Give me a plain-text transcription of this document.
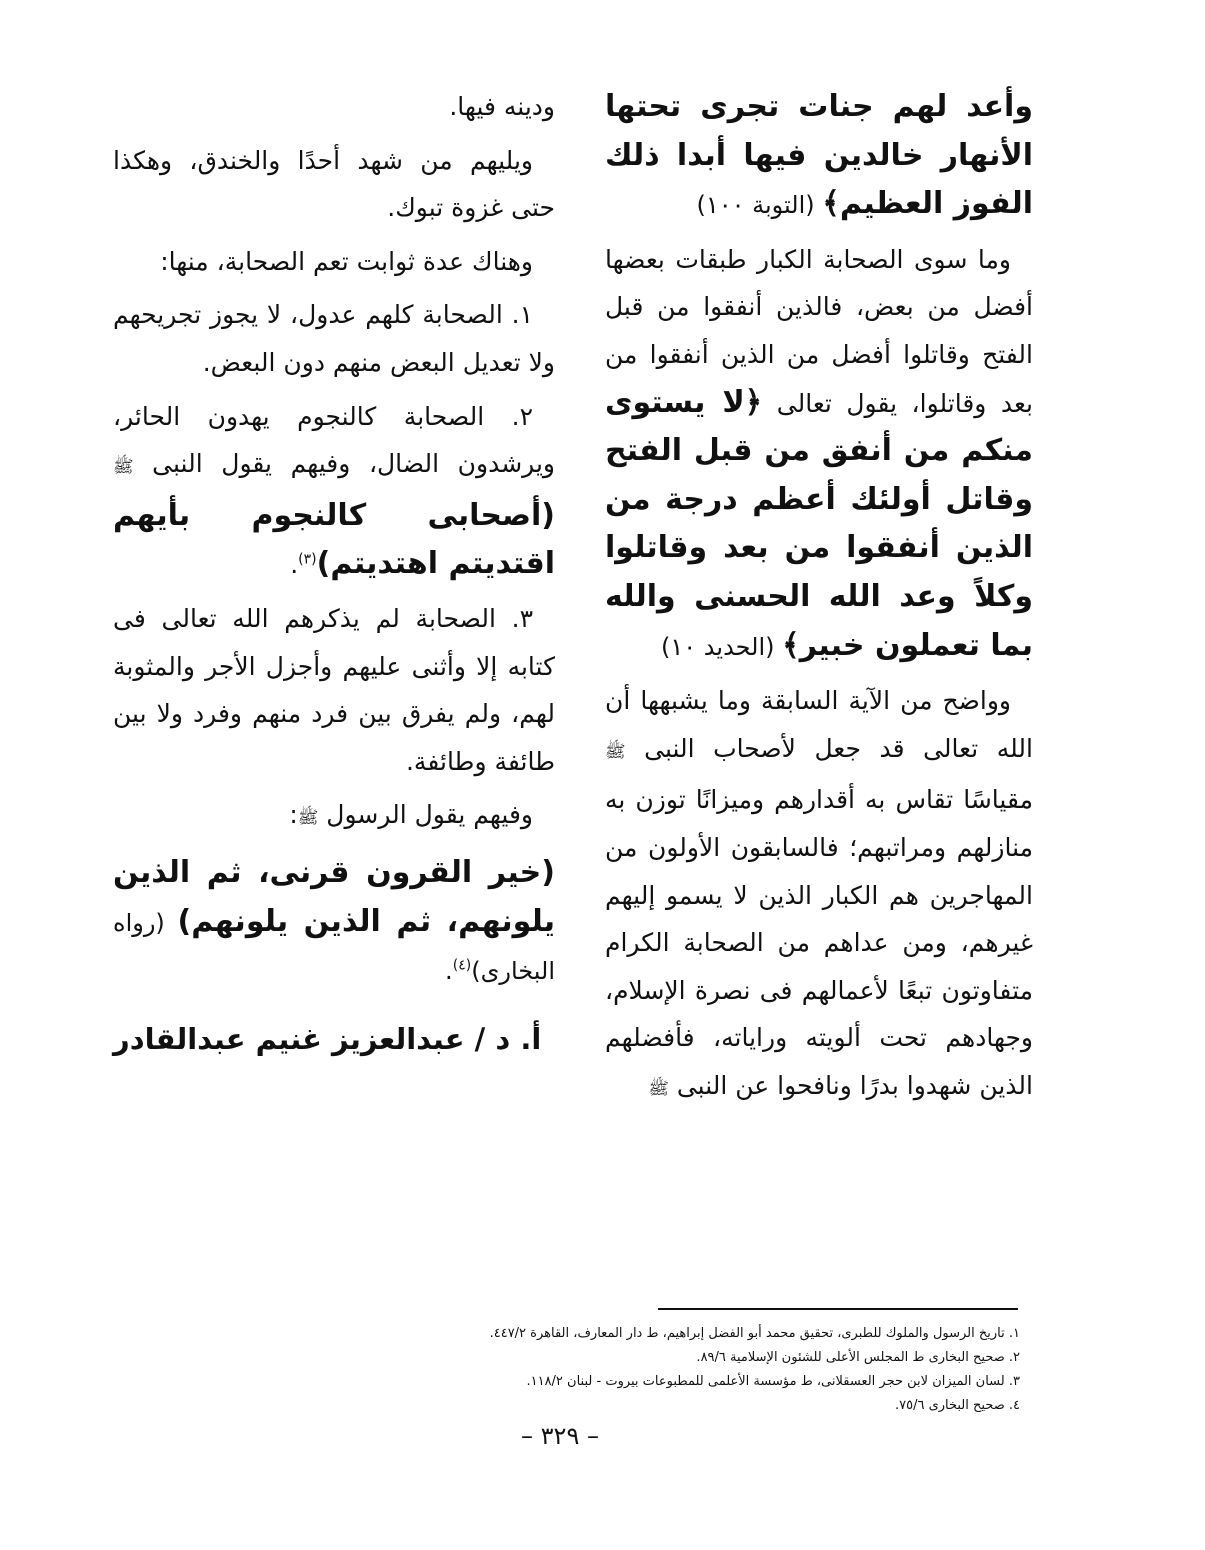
وأعد لهم جنات تجرى تحتها الأنهار خالدين فيها أبدا ذلك الفوز العظيم﴾ (التوبة ١٠٠)

وما سوى الصحابة الكبار طبقات بعضها أفضل من بعض، فالذين أنفقوا من قبل الفتح وقاتلوا أفضل من الذين أنفقوا من بعد وقاتلوا، يقول تعالى ﴿لا يستوى منكم من أنفق من قبل الفتح وقاتل أولئك أعظم درجة من الذين أنفقوا من بعد وقاتلوا وكلاً وعد الله الحسنى والله بما تعملون خبير﴾ (الحديد ١٠)

وواضح من الآية السابقة وما يشبهها أن الله تعالى قد جعل لأصحاب النبى ﷺ مقياسًا تقاس به أقدارهم وميزانًا توزن به منازلهم ومراتبهم؛ فالسابقون الأولون من المهاجرين هم الكبار الذين لا يسمو إليهم غيرهم، ومن عداهم من الصحابة الكرام متفاوتون تبعًا لأعمالهم فى نصرة الإسلام، وجهادهم تحت ألويته وراياته، فأفضلهم الذين شهدوا بدرًا ونافحوا عن النبى ﷺ

ودينه فيها.

ويليهم من شهد أحدًا والخندق، وهكذا حتى غزوة تبوك.

وهناك عدة ثوابت تعم الصحابة، منها:

١. الصحابة كلهم عدول، لا يجوز تجريحهم ولا تعديل البعض منهم دون البعض.

٢. الصحابة كالنجوم يهدون الحائر، ويرشدون الضال، وفيهم يقول النبى ﷺ (أصحابى كالنجوم بأيهم اقتديتم اهتديتم)$^{(٣)}$.

٣. الصحابة لم يذكرهم الله تعالى فى كتابه إلا وأثنى عليهم وأجزل الأجر والمثوبة لهم، ولم يفرق بين فرد منهم وفرد ولا بين طائفة وطائفة.

وفيهم يقول الرسول ﷺ:

(خير القرون قرنى، ثم الذين يلونهم، ثم الذين يلونهم) (رواه البخارى)$^{(٤)}$.

أ. د / عبدالعزيز غنيم عبدالقادر

١. تاريخ الرسول والملوك للطبرى، تحقيق محمد أبو الفضل إبراهيم، ط دار المعارف، القاهرة ٤٤٧/٢.

٢. صحيح البخارى ط المجلس الأعلى للشئون الإسلامية ٨٩/٦.

٣. لسان الميزان لابن حجر العسقلانى، ط مؤسسة الأعلمى للمطبوعات بيروت - لبنان ١١٨/٢.

٤. صحيح البخارى ٧٥/٦.

– ٣٢٩ –
